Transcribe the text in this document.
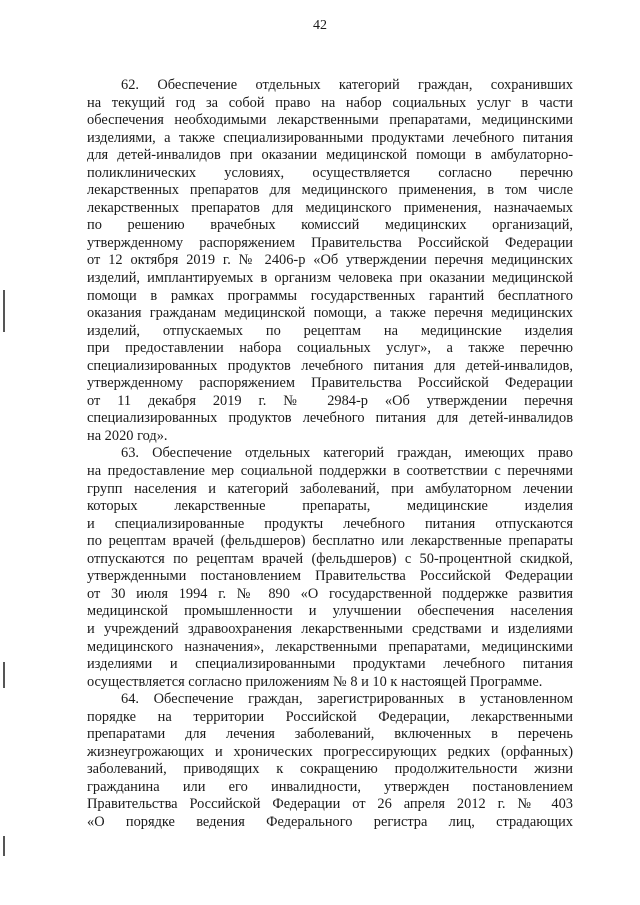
42
62. Обеспечение отдельных категорий граждан, сохранивших
на текущий год за собой право на набор социальных услуг в части
обеспечения необходимыми лекарственными препаратами, медицинскими
изделиями, а также специализированными продуктами лечебного питания
для детей-инвалидов при оказании медицинской помощи в амбулаторно-
поликлинических условиях, осуществляется согласно перечню
лекарственных препаратов для медицинского применения, в том числе
лекарственных препаратов для медицинского применения, назначаемых
по решению врачебных комиссий медицинских организаций,
утвержденному распоряжением Правительства Российской Федерации
от 12 октября 2019 г. № 2406-р «Об утверждении перечня медицинских
изделий, имплантируемых в организм человека при оказании медицинской
помощи в рамках программы государственных гарантий бесплатного
оказания гражданам медицинской помощи, а также перечня медицинских
изделий, отпускаемых по рецептам на медицинские изделия
при предоставлении набора социальных услуг», а также перечню
специализированных продуктов лечебного питания для детей-инвалидов,
утвержденному распоряжением Правительства Российской Федерации
от 11 декабря 2019 г. № 2984-р «Об утверждении перечня
специализированных продуктов лечебного питания для детей-инвалидов
на 2020 год».
63. Обеспечение отдельных категорий граждан, имеющих право
на предоставление мер социальной поддержки в соответствии с перечнями
групп населения и категорий заболеваний, при амбулаторном лечении
которых лекарственные препараты, медицинские изделия
и специализированные продукты лечебного питания отпускаются
по рецептам врачей (фельдшеров) бесплатно или лекарственные препараты
отпускаются по рецептам врачей (фельдшеров) с 50-процентной скидкой,
утвержденными постановлением Правительства Российской Федерации
от 30 июля 1994 г. № 890 «О государственной поддержке развития
медицинской промышленности и улучшении обеспечения населения
и учреждений здравоохранения лекарственными средствами и изделиями
медицинского назначения», лекарственными препаратами, медицинскими
изделиями и специализированными продуктами лечебного питания
осуществляется согласно приложениям № 8 и 10 к настоящей Программе.
64. Обеспечение граждан, зарегистрированных в установленном
порядке на территории Российской Федерации, лекарственными
препаратами для лечения заболеваний, включенных в перечень
жизнеугрожающих и хронических прогрессирующих редких (орфанных)
заболеваний, приводящих к сокращению продолжительности жизни
гражданина или его инвалидности, утвержден постановлением
Правительства Российской Федерации от 26 апреля 2012 г. № 403
«О порядке ведения Федерального регистра лиц, страдающих
